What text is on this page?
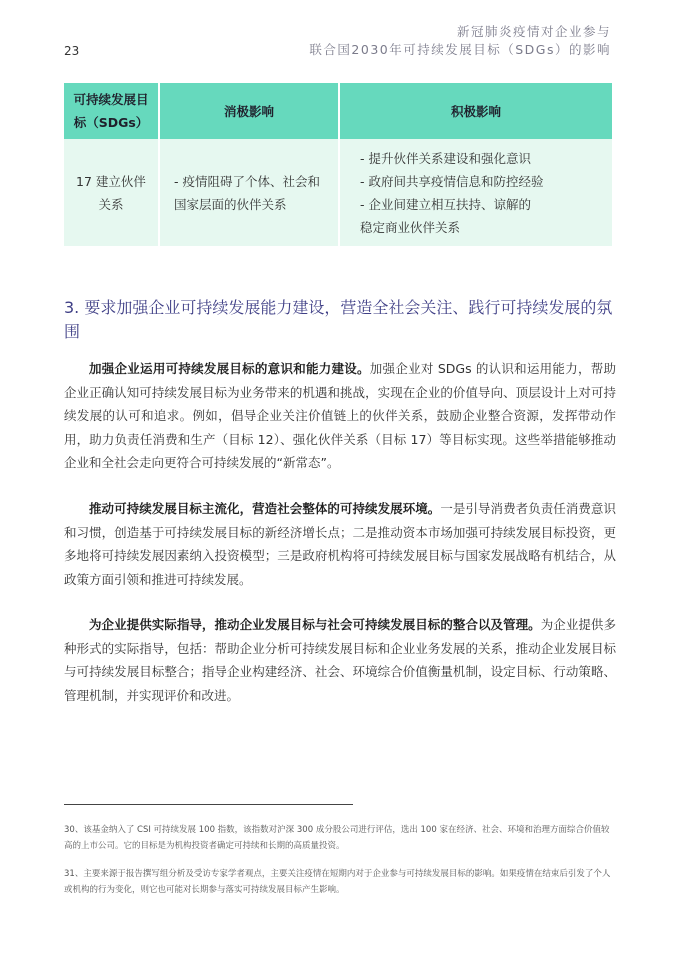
新冠肺炎疫情对企业参与
联合国2030年可持续发展目标（SDGs）的影响
23
可持续发展目标（SDGs）	消极影响	积极影响
17 建立伙伴关系	- 疫情阻碍了个体、社会和国家层面的伙伴关系	- 提升伙伴关系建设和强化意识
- 政府间共享疫情信息和防控经验
- 企业间建立相互扶持、谅解的
稳定商业伙伴关系
3. 要求加强企业可持续发展能力建设，营造全社会关注、践行可持续发展的氛围

加强企业运用可持续发展目标的意识和能力建设。加强企业对 SDGs 的认识和运用能力，帮助企业正确认知可持续发展目标为业务带来的机遇和挑战，实现在企业的价值导向、顶层设计上对可持续发展的认可和追求。例如，倡导企业关注价值链上的伙伴关系，鼓励企业整合资源，发挥带动作用，助力负责任消费和生产（目标 12）、强化伙伴关系（目标 17）等目标实现。这些举措能够推动企业和全社会走向更符合可持续发展的“新常态”。

推动可持续发展目标主流化，营造社会整体的可持续发展环境。一是引导消费者负责任消费意识和习惯，创造基于可持续发展目标的新经济增长点；二是推动资本市场加强可持续发展目标投资，更多地将可持续发展因素纳入投资模型；三是政府机构将可持续发展目标与国家发展战略有机结合，从政策方面引领和推进可持续发展。

为企业提供实际指导，推动企业发展目标与社会可持续发展目标的整合以及管理。为企业提供多种形式的实际指导，包括：帮助企业分析可持续发展目标和企业业务发展的关系，推动企业发展目标与可持续发展目标整合；指导企业构建经济、社会、环境综合价值衡量机制，设定目标、行动策略、管理机制，并实现评价和改进。

30、该基金纳入了 CSI 可持续发展 100 指数，该指数对沪深 300 成分股公司进行评估，选出 100 家在经济、社会、环境和治理方面综合价值较高的上市公司。它的目标是为机构投资者确定可持续和长期的高质量投资。
31、主要来源于报告撰写组分析及受访专家学者观点，主要关注疫情在短期内对于企业参与可持续发展目标的影响。如果疫情在结束后引发了个人或机构的行为变化，则它也可能对长期参与落实可持续发展目标产生影响。
